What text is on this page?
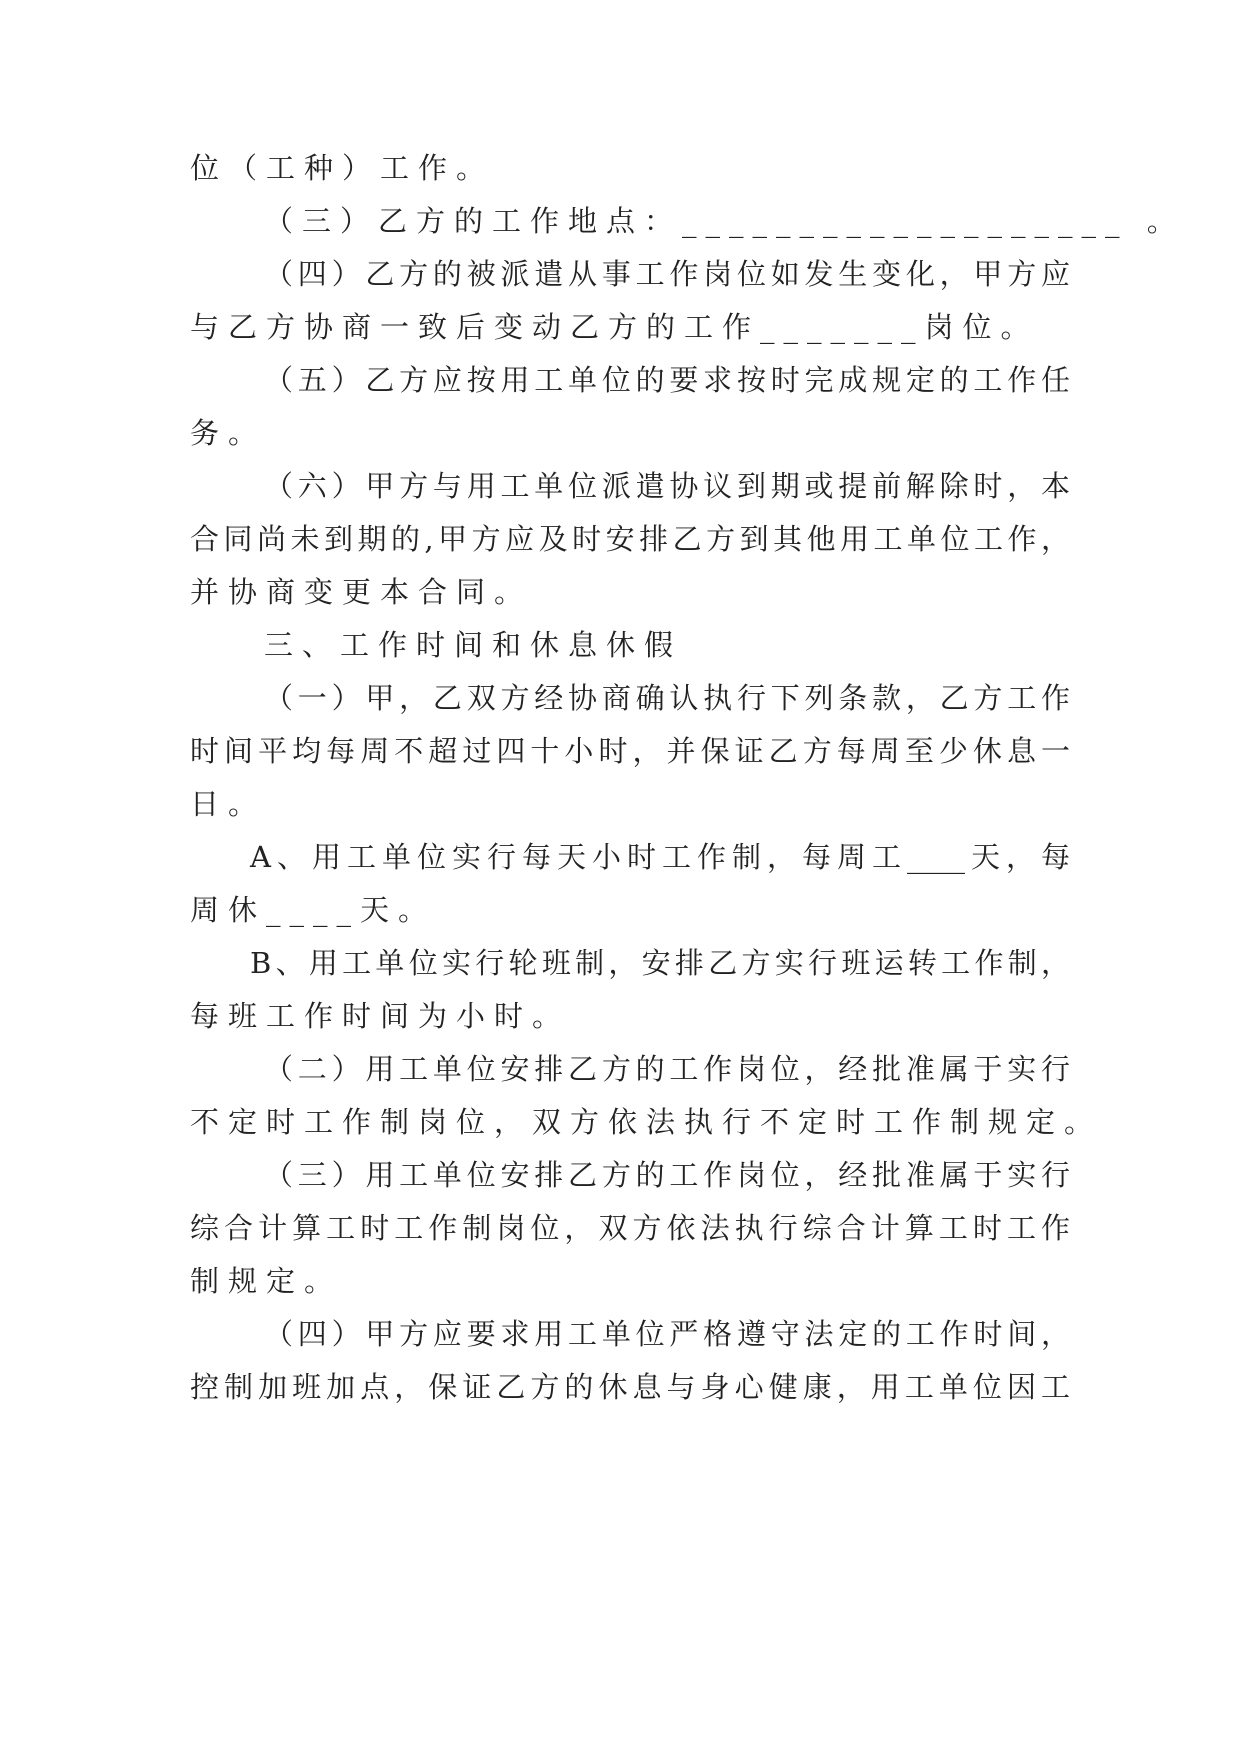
位（工种）工作。
（三）乙方的工作地点：___________________ 。
（四）乙方的被派遣从事工作岗位如发生变化，甲方应
与乙方协商一致后变动乙方的工作_______岗位。
（五）乙方应按用工单位的要求按时完成规定的工作任
务。
（六）甲方与用工单位派遣协议到期或提前解除时，本
合同尚未到期的,甲方应及时安排乙方到其他用工单位工作，
并协商变更本合同。
三、工作时间和休息休假
（一）甲，乙双方经协商确认执行下列条款，乙方工作
时间平均每周不超过四十小时，并保证乙方每周至少休息一
日。
A、用工单位实行每天小时工作制，每周工____天，每
周休____天。
B、用工单位实行轮班制，安排乙方实行班运转工作制，
每班工作时间为小时。
（二）用工单位安排乙方的工作岗位，经批准属于实行
不定时工作制岗位，双方依法执行不定时工作制规定。
（三）用工单位安排乙方的工作岗位，经批准属于实行
综合计算工时工作制岗位，双方依法执行综合计算工时工作
制规定。
（四）甲方应要求用工单位严格遵守法定的工作时间，
控制加班加点，保证乙方的休息与身心健康，用工单位因工
